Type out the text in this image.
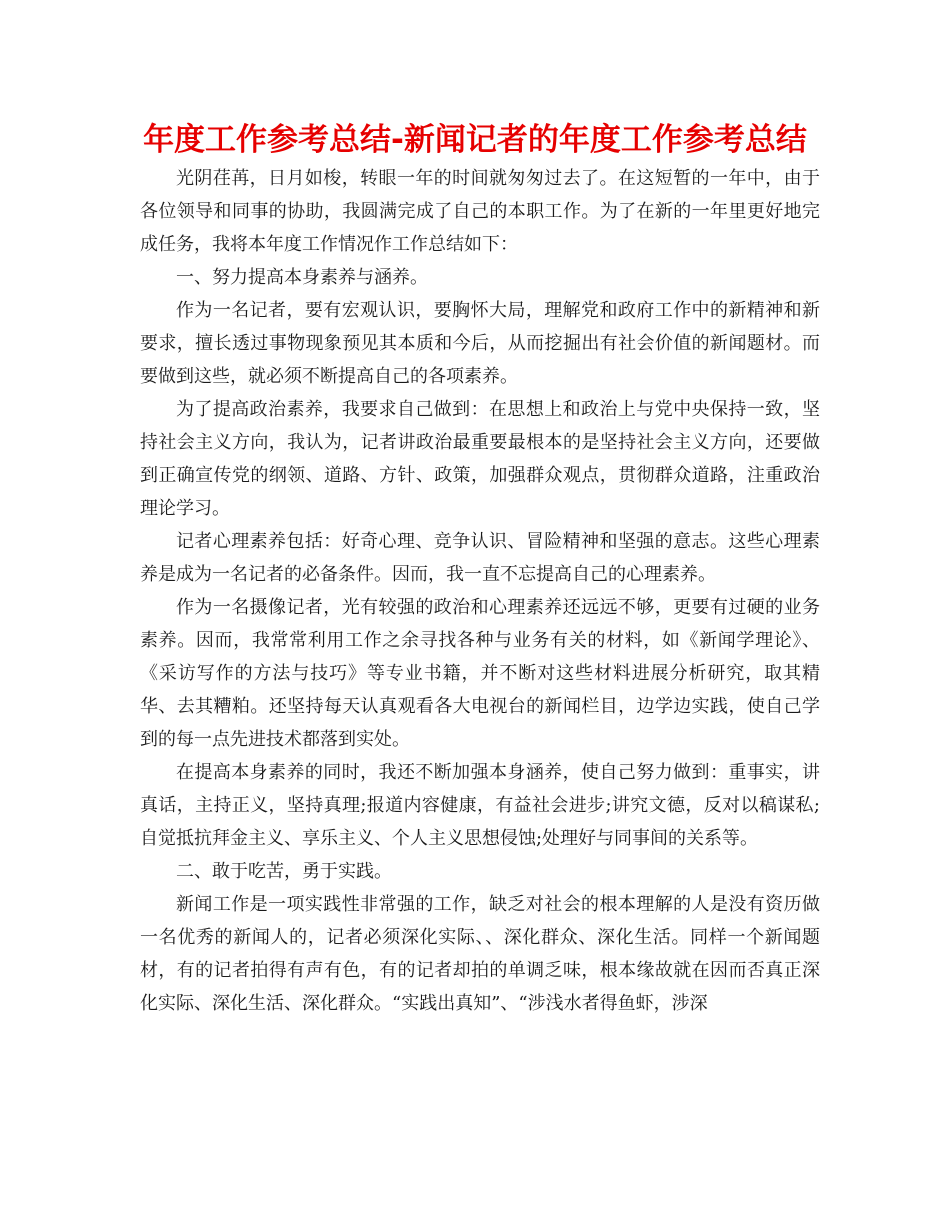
年度工作参考总结-新闻记者的年度工作参考总结

光阴荏苒，日月如梭，转眼一年的时间就匆匆过去了。在这短暂的一年中，由于各位领导和同事的协助，我圆满完成了自己的本职工作。为了在新的一年里更好地完成任务，我将本年度工作情况作工作总结如下：

一、努力提高本身素养与涵养。

作为一名记者，要有宏观认识，要胸怀大局，理解党和政府工作中的新精神和新要求，擅长透过事物现象预见其本质和今后，从而挖掘出有社会价值的新闻题材。而要做到这些，就必须不断提高自己的各项素养。

为了提高政治素养，我要求自己做到：在思想上和政治上与党中央保持一致，坚持社会主义方向，我认为，记者讲政治最重要最根本的是坚持社会主义方向，还要做到正确宣传党的纲领、道路、方针、政策，加强群众观点，贯彻群众道路，注重政治理论学习。

记者心理素养包括：好奇心理、竞争认识、冒险精神和坚强的意志。这些心理素养是成为一名记者的必备条件。因而，我一直不忘提高自己的心理素养。

作为一名摄像记者，光有较强的政治和心理素养还远远不够，更要有过硬的业务素养。因而，我常常利用工作之余寻找各种与业务有关的材料，如《新闻学理论》、《采访写作的方法与技巧》等专业书籍，并不断对这些材料进展分析研究，取其精华、去其糟粕。还坚持每天认真观看各大电视台的新闻栏目，边学边实践，使自己学到的每一点先进技术都落到实处。

在提高本身素养的同时，我还不断加强本身涵养，使自己努力做到：重事实，讲真话，主持正义，坚持真理;报道内容健康，有益社会进步;讲究文德，反对以稿谋私;自觉抵抗拜金主义、享乐主义、个人主义思想侵蚀;处理好与同事间的关系等。

二、敢于吃苦，勇于实践。

新闻工作是一项实践性非常强的工作，缺乏对社会的根本理解的人是没有资历做一名优秀的新闻人的，记者必须深化实际、、深化群众、深化生活。同样一个新闻题材，有的记者拍得有声有色，有的记者却拍的单调乏味，根本缘故就在因而否真正深化实际、深化生活、深化群众。“实践出真知”、“涉浅水者得鱼虾，涉深
